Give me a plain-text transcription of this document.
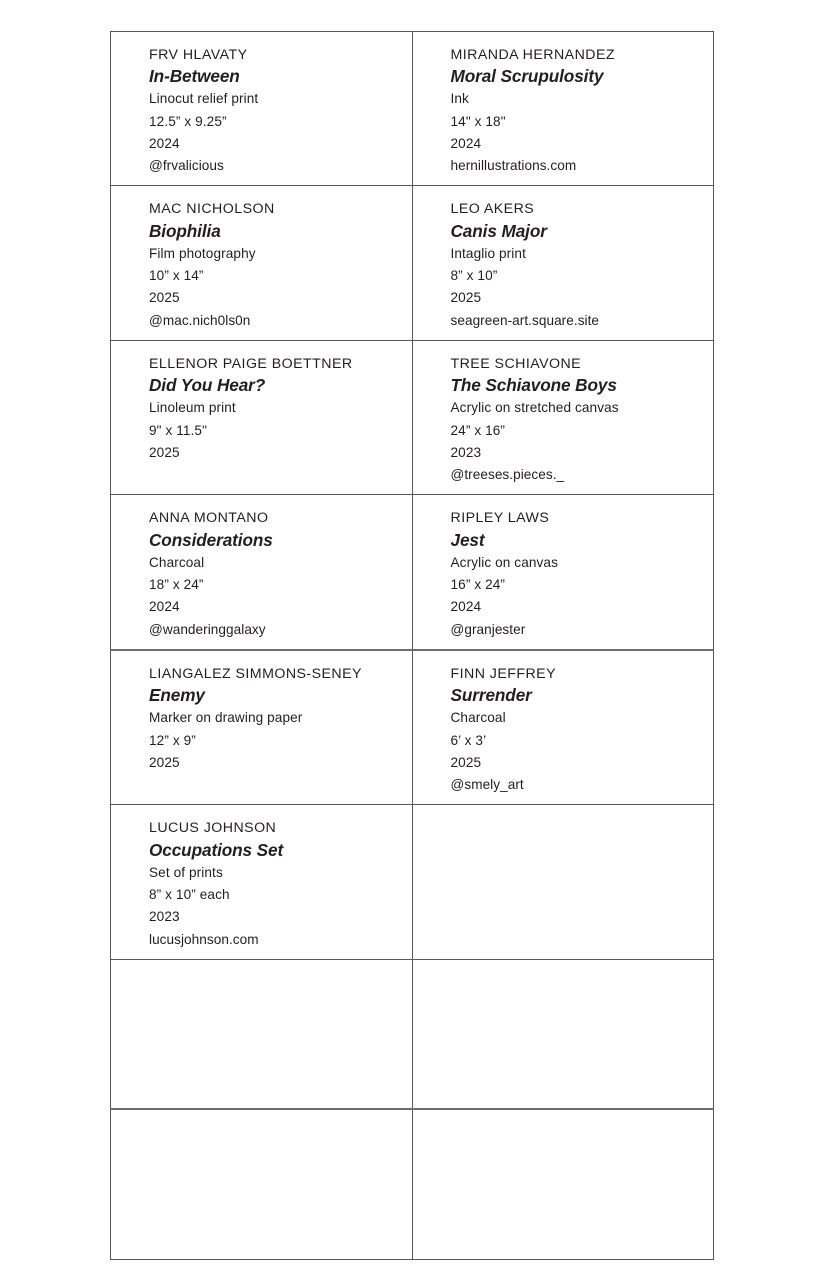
FRV HLAVATY
In-Between
Linocut relief print
12.5” x 9.25”
2024
@frvalicious

MIRANDA HERNANDEZ
Moral Scrupulosity
Ink
14" x 18"
2024
hernillustrations.com

MAC NICHOLSON
Biophilia
Film photography
10” x 14”
2025
@mac.nich0ls0n

LEO AKERS
Canis Major
Intaglio print
8” x 10”
2025
seagreen-art.square.site

ELLENOR PAIGE BOETTNER
Did You Hear?
Linoleum print
9" x 11.5"
2025

TREE SCHIAVONE
The Schiavone Boys
Acrylic on stretched canvas
24” x 16”
2023
@treeses.pieces._

ANNA MONTANO
Considerations
Charcoal
18” x 24”
2024
@wanderinggalaxy

RIPLEY LAWS
Jest
Acrylic on canvas
16” x 24”
2024
@granjester

LIANGALEZ SIMMONS-SENEY
Enemy
Marker on drawing paper
12” x 9”
2025

FINN JEFFREY
Surrender
Charcoal
6’ x 3’
2025
@smely_art

LUCUS JOHNSON
Occupations Set
Set of prints
8” x 10” each
2023
lucusjohnson.com
